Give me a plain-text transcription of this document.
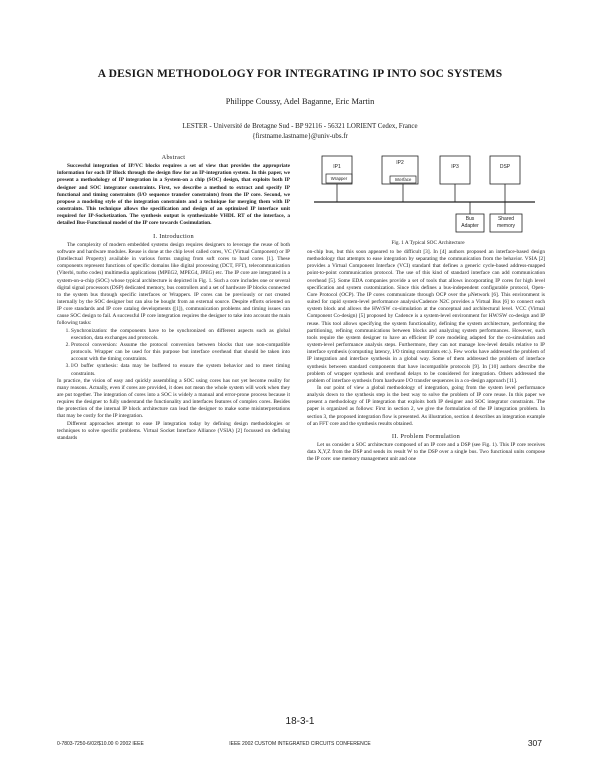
A DESIGN METHODOLOGY FOR INTEGRATING IP INTO SOC SYSTEMS
Philippe Coussy, Adel Baganne, Eric Martin
LESTER - Université de Bretagne Sud - BP 92116 - 56321 LORIENT Cedex, France
{firstname.lastname}@univ-ubs.fr
Abstract

Successful integration of IP/VC blocks requires a set of view that provides the appropriate information for each IP Block through the design flow for an IP-integration system. In this paper, we present a methodology of IP integration in a System-on a chip (SOC) design, that exploits both IP designer and SOC integrator constraints. First, we describe a method to extract and specify IP functional and timing constraints (I/O sequence transfer constraints) from the IP core. Second, we propose a modeling style of the integration constraints and a technique for merging them with IP constraints. This technique allows the specification and design of an optimized IP interface unit required for IP-Socketization. The synthesis output is synthesizable VHDL RT of the interface, a detailed Bus-Functional model of the IP core towards Cosimulation.

I. Introduction

The complexity of modern embedded systems design requires designers to leverage the reuse of both software and hardware modules. Reuse is done at the chip level called cores, VC (Virtual Component) or IP (Intellectual Property) available in various forms ranging from soft cores to hard cores [1]. These components represent functions of specific domains like digital processing (DCT, FFT), telecommunication (Viterbi, turbo codes) multimedia applications (MPEG2, MPEG4, JPEG) etc. The IP core are integrated in a system-on-a-chip (SOC) whose typical architecture is depicted in Fig. 1. Such a core includes one or several digital signal processors (DSP) dedicated memory, bus controllers and a set of hardware IP blocks connected to the system bus through specific interfaces or Wrappers. IP cores can be previously or not created internally by the SOC designer but can also be bought from an external source. Despite efforts oriented on IP core standards and IP core catalog developments ([1]), communication problems and timing issues can cause SOC design to fail. A successful IP core integration requires the designer to take into account the main following tasks:

1. Synchronization: the components have to be synchronized on different aspects such as global execution, data exchanges and protocols.
2. Protocol conversion: Assume the protocol conversion between blocks that use non-compatible protocols. Wrapper can be used for this purpose but interface overhead that should be taken into account with the timing constraints.
3. I/O buffer synthesis: data may be buffered to ensure the system behavior and to meet timing constraints.

In practice, the vision of easy and quickly assembling a SOC using cores has not yet become reality for many reasons. Actually, even if cores are provided, it does not mean the whole system will work when they are put together. The integration of cores into a SOC is widely a manual and error-prone process because it requires the designer to fully understand the functionality and interfaces features of complex cores. Besides the protection of the internal IP block architecture can lead the designer to make some misinterpretations that may be costly for the IP integration.

Different approaches attempt to ease IP integration today by defining design methodologies or techniques to solve specific problems. Virtual Socket Interface Alliance (VSIA) [2] focussed on defining standards

IP1
IP2
IP3	DSP
Wrapper	Interface
Bus
Adapter
Shared
memory
Fig. 1 A Typical SOC Architecture

on-chip bus, but this soon appeared to be difficult [3]. In [4] authors proposed an interface-based design methodology that attempts to ease integration by separating the communication from the behavior. VSIA [2] provides a Virtual Component Interface (VCI) standard that defines a generic cycle-based address-mapped point-to-point communication protocol. The use of this kind of standard interface can add communication overhead [5]. Some EDA companies provide a set of tools that allows incorporating IP cores for high level specification and system customization. Since this defines a bus-independent configurable protocol, Open-Core Protocol (OCP). The IP cores communicate through OCP over the μNetwork [6]. This environment is suited for rapid system-level performance analysis/Cadence N2C provides a Virtual Bus [6] to connect each system block and allows the HW/SW co-simulation at the conceptual and architectural level. VCC (Virtual Component Co-design) [5] proposed by Cadence is a system-level environment for HW/SW co-design and IP reuse. This tool allows specifying the system functionality, defining the system architecture, performing the partitioning, refining communications between blocks and analyzing system performances. However, such tools require the system designer to have an efficient IP core modeling adapted for the co-simulation and system-level performance analysis steps. Furthermore, they can not manage low-level details relative to IP interface synthesis (computing latency, I/O timing constraints etc.). Few works have addressed the problem of IP integration and interface synthesis in a global way. Some of them addressed the problem of interface synthesis between standard components that have incompatible protocols [9]. In [10] authors describe the problem of wrapper synthesis and overhead delays to be considered for integration. Others addressed the problem of interface synthesis from hardware I/O transfer sequences in a co-design approach [11].

In our point of view a global methodology of integration, going from the system level performance analysis down to the synthesis step is the best way to solve the problem of IP core reuse. In this paper we present a methodology of IP integration that exploits both IP designer and SOC integrator constraints. The paper is organized as follows: First in section 2, we give the formulation of the IP integration problem. In section 3, the proposed integration flow is presented. As illustration, section 4 describes an integration example of an FFT core and the synthesis results obtained.

II. Problem Formulation

Let us consider a SOC architecture composed of an IP core and a DSP (see Fig. 1). This IP core receives data X,Y,Z from the DSP and sends its result W to the DSP over a single bus. Two functional units compose the IP core: one memory management unit and one

18-3-1
0-7803-7250-6/02/$10.00 © 2002 IEEE	IEEE 2002 CUSTOM INTEGRATED CIRCUITS CONFERENCE	307
